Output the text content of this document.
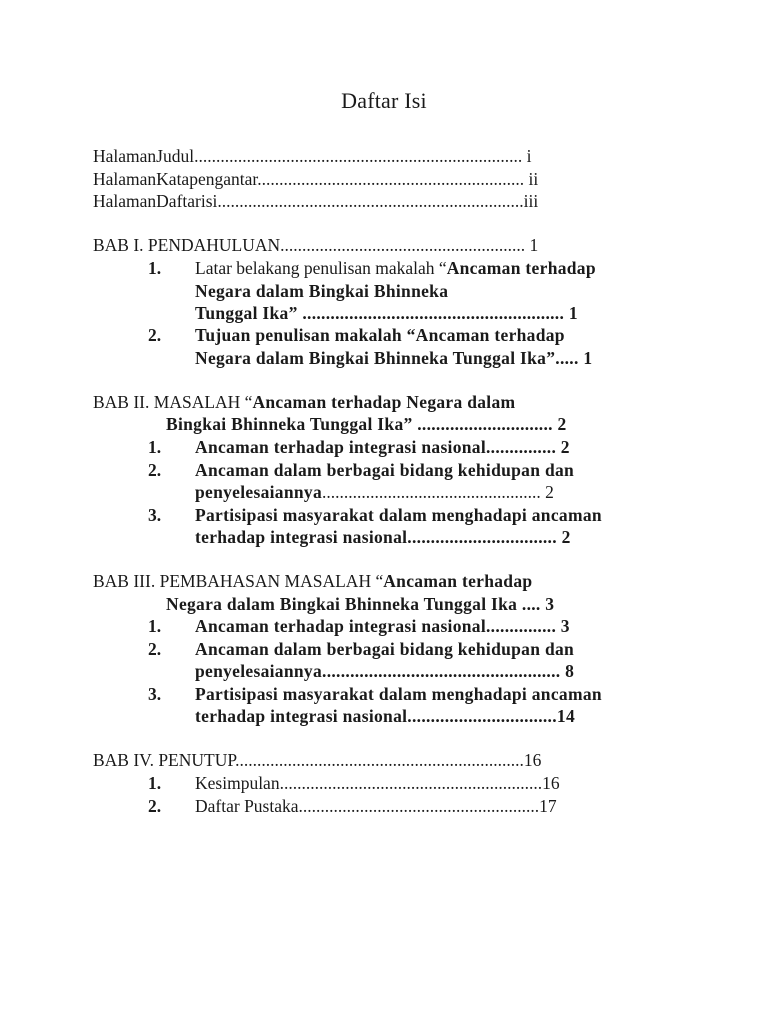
Daftar Isi

HalamanJudul........................................................................... i

HalamanKatapengantar............................................................. ii

HalamanDaftarisi......................................................................iii

BAB I. PENDAHULUAN........................................................ 1

1. Latar belakang penulisan makalah “Ancaman terhadap

Negara dalam Bingkai Bhinneka

Tunggal Ika” ........................................................ 1

2. Tujuan penulisan makalah “Ancaman terhadap

Negara dalam Bingkai Bhinneka Tunggal Ika”..... 1

BAB II. MASALAH “Ancaman terhadap Negara dalam

Bingkai Bhinneka Tunggal Ika” ............................. 2

1. Ancaman terhadap integrasi nasional............... 2

2. Ancaman dalam berbagai bidang kehidupan dan

penyelesaiannya.................................................. 2

3. Partisipasi masyarakat dalam menghadapi ancaman

terhadap integrasi nasional................................ 2

BAB III. PEMBAHASAN MASALAH “Ancaman terhadap

Negara dalam Bingkai Bhinneka Tunggal Ika .... 3

1. Ancaman terhadap integrasi nasional............... 3

2. Ancaman dalam berbagai bidang kehidupan dan

penyelesaiannya................................................... 8

3. Partisipasi masyarakat dalam menghadapi ancaman

terhadap integrasi nasional................................14

BAB IV. PENUTUP..................................................................16

1. Kesimpulan............................................................16

2. Daftar Pustaka.......................................................17
